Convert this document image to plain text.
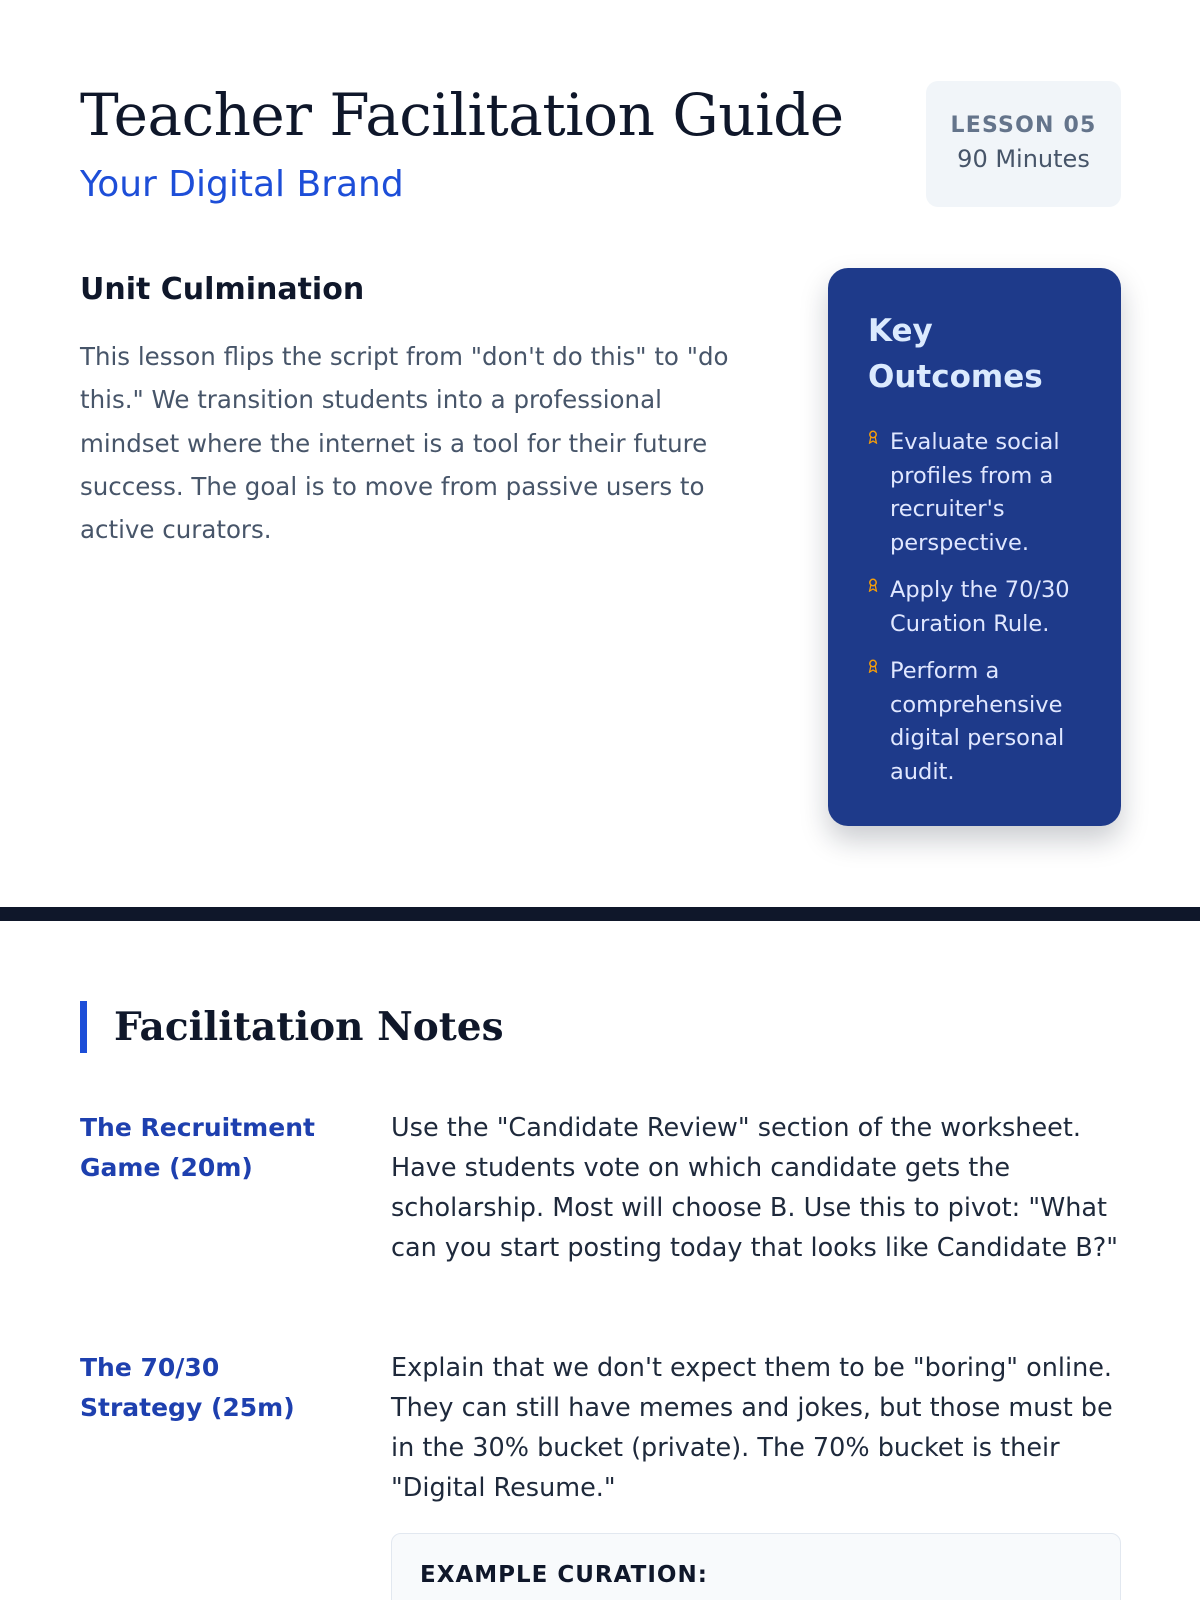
Teacher Facilitation Guide
Your Digital Brand
LESSON 05
90 Minutes
Unit Culmination

This lesson flips the script from "don't do this" to "do this." We transition students into a professional mindset where the internet is a tool for their future success. The goal is to move from passive users to active curators.

Key Outcomes
Evaluate social profiles from a recruiter's perspective.
Apply the 70/30 Curation Rule.
Perform a comprehensive digital personal audit.
Facilitation Notes
The Recruitment Game (20m)
Use the "Candidate Review" section of the worksheet. Have students vote on which candidate gets the scholarship. Most will choose B. Use this to pivot: "What can you start posting today that looks like Candidate B?"
The 70/30 Strategy (25m)
Explain that we don't expect them to be "boring" online. They can still have memes and jokes, but those must be in the 30% bucket (private). The 70% bucket is their "Digital Resume."
EXAMPLE CURATION:
